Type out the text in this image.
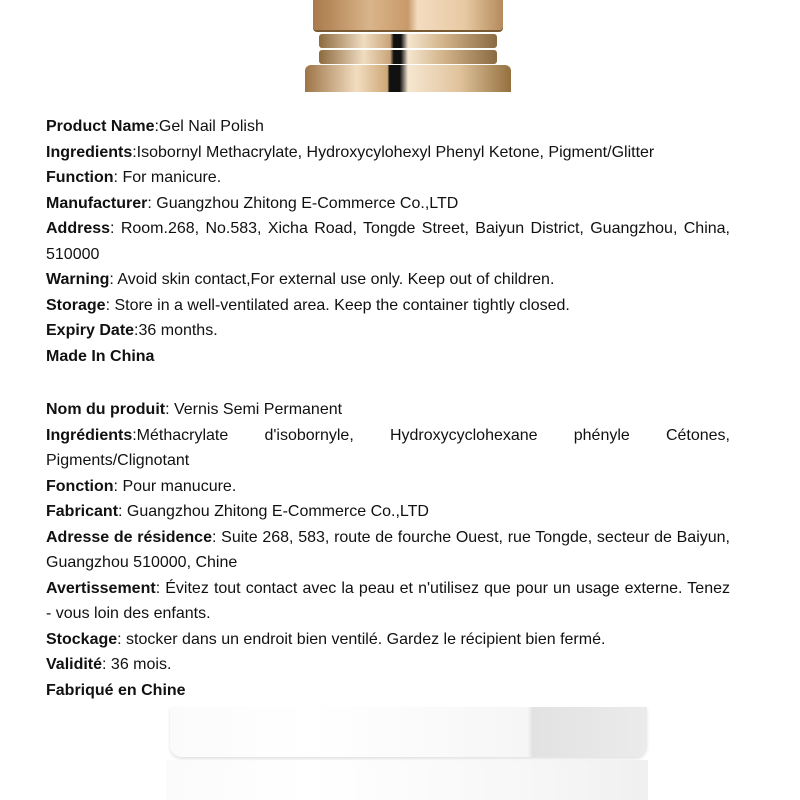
Product Name:Gel Nail Polish

Ingredients:Isobornyl Methacrylate, Hydroxycylohexyl Phenyl Ketone, Pigment/Glitter

Function: For manicure.

Manufacturer: Guangzhou Zhitong E-Commerce Co.,LTD

Address: Room.268, No.583, Xicha Road, Tongde Street, Baiyun District, Guangzhou, China, 510000

Warning: Avoid skin contact,For external use only. Keep out of children.

Storage: Store in a well-ventilated area. Keep the container tightly closed.

Expiry Date:36 months.

Made In China

Nom du produit: Vernis Semi Permanent

Ingrédients:Méthacrylate d'isobornyle, Hydroxycyclohexane phényle Cétones, Pigments/Clignotant

Fonction: Pour manucure.

Fabricant: Guangzhou Zhitong E-Commerce Co.,LTD

Adresse de résidence: Suite 268, 583, route de fourche Ouest, rue Tongde, secteur de Baiyun, Guangzhou 510000, Chine

Avertissement: Évitez tout contact avec la peau et n'utilisez que pour un usage externe. Tenez - vous loin des enfants.

Stockage: stocker dans un endroit bien ventilé. Gardez le récipient bien fermé.

Validité: 36 mois.

Fabriqué en Chine
